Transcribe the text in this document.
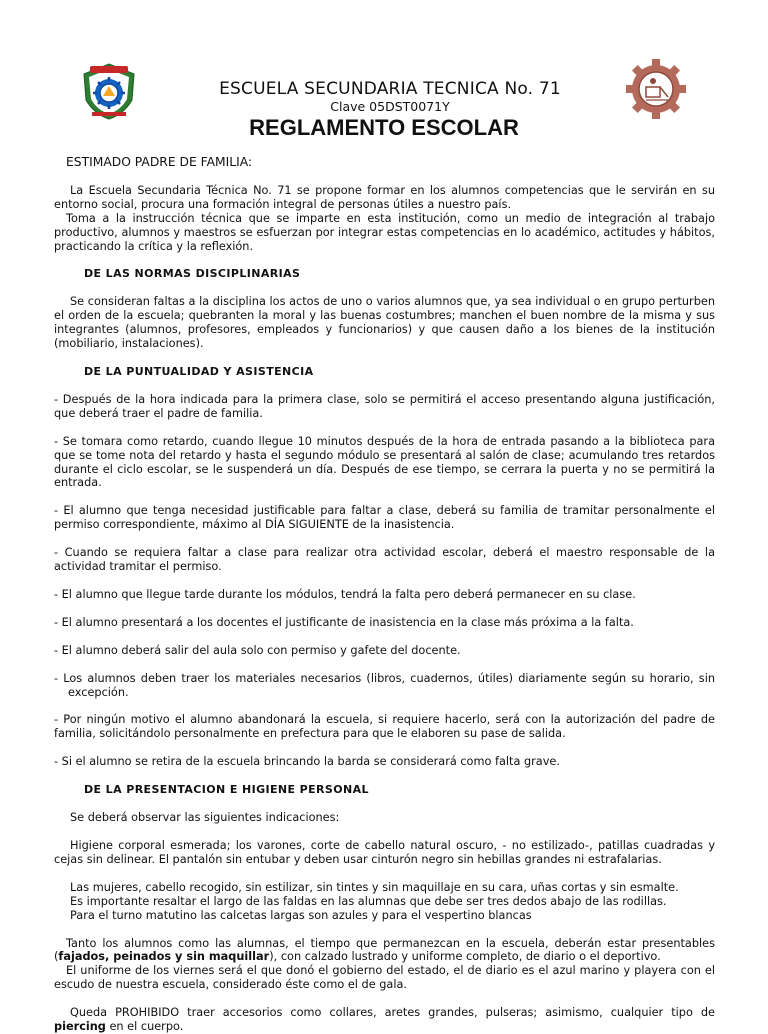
ESCUELA SECUNDARIA TECNICA No. 71
Clave 05DST0071Y
REGLAMENTO ESCOLAR

ESTIMADO PADRE DE FAMILIA:

La Escuela Secundaria Técnica No. 71 se propone formar en los alumnos competencias que le servirán en su entorno social, procura una formación integral de personas útiles a nuestro país.

Toma a la instrucción técnica que se imparte en esta institución, como un medio de integración al trabajo productivo, alumnos y maestros se esfuerzan por integrar estas competencias en lo académico, actitudes y hábitos, practicando la crítica y la reflexión.

DE LAS NORMAS DISCIPLINARIAS

Se consideran faltas a la disciplina los actos de uno o varios alumnos que, ya sea individual o en grupo perturben el orden de la escuela; quebranten la moral y las buenas costumbres; manchen el buen nombre de la misma y sus integrantes (alumnos, profesores, empleados y funcionarios) y que causen daño a los bienes de la institución (mobiliario, instalaciones).

DE LA PUNTUALIDAD Y ASISTENCIA

- Después de la hora indicada para la primera clase, solo se permitirá el acceso presentando alguna justificación, que deberá traer el padre de familia.

- Se tomara como retardo, cuando llegue 10 minutos después de la hora de entrada pasando a la biblioteca para que se tome nota del retardo y hasta el segundo módulo se presentará al salón de clase; acumulando tres retardos durante el ciclo escolar, se le suspenderá un día. Después de ese tiempo, se cerrara la puerta y no se permitirá la entrada.

- El alumno que tenga necesidad justificable para faltar a clase, deberá su familia de tramitar personalmente el permiso correspondiente, máximo al DÍA SIGUIENTE de la inasistencia.

- Cuando se requiera faltar a clase para realizar otra actividad escolar, deberá el maestro responsable de la actividad tramitar el permiso.

- El alumno que llegue tarde durante los módulos, tendrá la falta pero deberá permanecer en su clase.

- El alumno presentará a los docentes el justificante de inasistencia en la clase más próxima a la falta.

- El alumno deberá salir del aula solo con permiso y gafete del docente.

- Los alumnos deben traer los materiales necesarios (libros, cuadernos, útiles) diariamente según su horario, sin excepción.

- Por ningún motivo el alumno abandonará la escuela, si requiere hacerlo, será con la autorización del padre de familia, solicitándolo personalmente en prefectura para que le elaboren su pase de salida.

- Si el alumno se retira de la escuela brincando la barda se considerará como falta grave.

DE LA PRESENTACION E HIGIENE PERSONAL

Se deberá observar las siguientes indicaciones:

Higiene corporal esmerada; los varones, corte de cabello natural oscuro, - no estilizado-, patillas cuadradas y cejas sin delinear. El pantalón sin entubar y deben usar cinturón negro sin hebillas grandes ni estrafalarias.

Las mujeres, cabello recogido, sin estilizar, sin tintes y sin maquillaje en su cara, uñas cortas y sin esmalte.

Es importante resaltar el largo de las faldas en las alumnas que debe ser tres dedos abajo de las rodillas.

Para el turno matutino las calcetas largas son azules y para el vespertino blancas

Tanto los alumnos como las alumnas, el tiempo que permanezcan en la escuela, deberán estar presentables (fajados, peinados y sin maquillar), con calzado lustrado y uniforme completo, de diario o el deportivo.

El uniforme de los viernes será el que donó el gobierno del estado, el de diario es el azul marino y playera con el escudo de nuestra escuela, considerado éste como el de gala.

Queda PROHIBIDO traer accesorios como collares, aretes grandes, pulseras; asimismo, cualquier tipo de piercing en el cuerpo.
